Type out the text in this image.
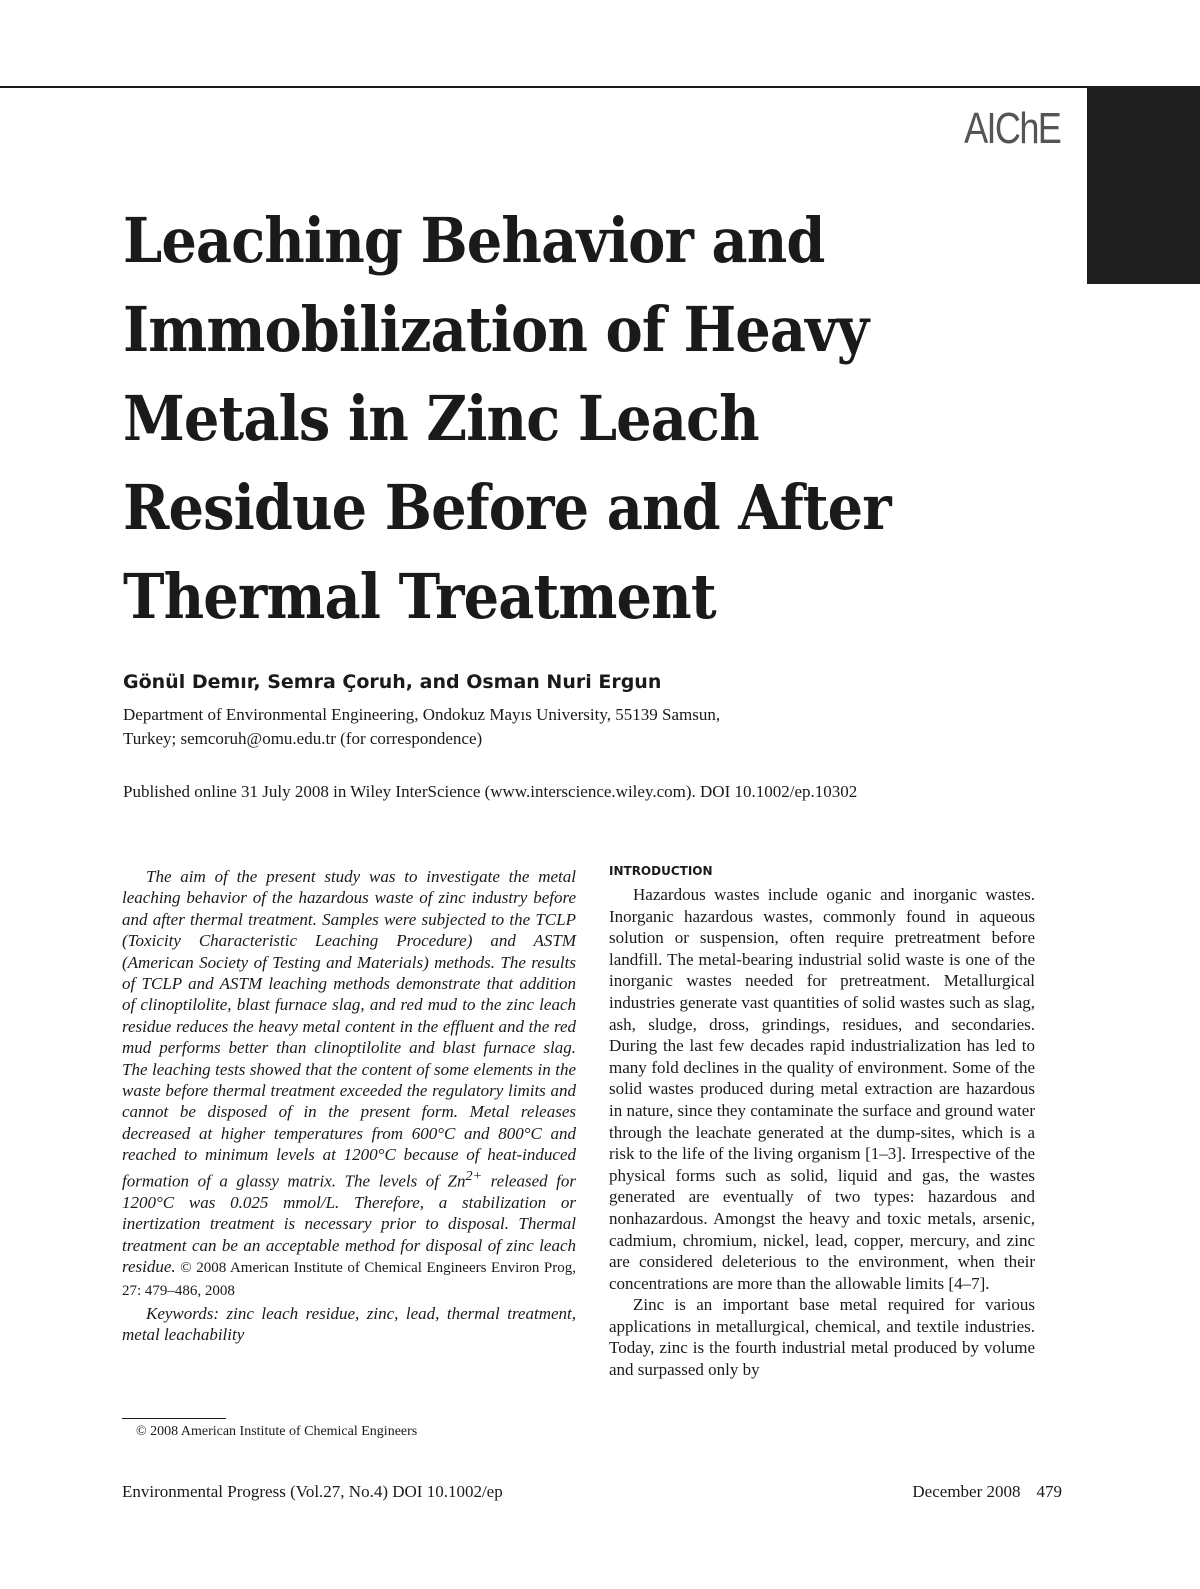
AIChE
Leaching Behavior and
Immobilization of Heavy
Metals in Zinc Leach
Residue Before and After
Thermal Treatment
Gönül Demır, Semra Çoruh, and Osman Nuri Ergun
Department of Environmental Engineering, Ondokuz Mayıs University, 55139 Samsun,
Turkey; semcoruh@omu.edu.tr (for correspondence)
Published online 31 July 2008 in Wiley InterScience (www.interscience.wiley.com). DOI 10.1002/ep.10302

The aim of the present study was to investigate the metal leaching behavior of the hazardous waste of zinc industry before and after thermal treatment. Samples were subjected to the TCLP (Toxicity Characteristic Leaching Procedure) and ASTM (American Society of Testing and Materials) methods. The results of TCLP and ASTM leaching methods demonstrate that addition of clinoptilolite, blast furnace slag, and red mud to the zinc leach residue reduces the heavy metal content in the effluent and the red mud performs better than clinoptilolite and blast furnace slag. The leaching tests showed that the content of some elements in the waste before thermal treatment exceeded the regulatory limits and cannot be disposed of in the present form. Metal releases decreased at higher temperatures from 600°C and 800°C and reached to minimum levels at 1200°C because of heat-induced formation of a glassy matrix. The levels of $Zn^{2+}$ released for 1200°C was 0.025 mmol/L. Therefore, a stabilization or inertization treatment is necessary prior to disposal. Thermal treatment can be an acceptable method for disposal of zinc leach residue. © 2008 American Institute of Chemical Engineers Environ Prog, 27: 479–486, 2008

Keywords: zinc leach residue, zinc, lead, thermal treatment, metal leachability

© 2008 American Institute of Chemical Engineers
INTRODUCTION

Hazardous wastes include oganic and inorganic wastes. Inorganic hazardous wastes, commonly found in aqueous solution or suspension, often require pretreatment before landfill. The metal-bearing industrial solid waste is one of the inorganic wastes needed for pretreatment. Metallurgical industries generate vast quantities of solid wastes such as slag, ash, sludge, dross, grindings, residues, and secondaries. During the last few decades rapid industrialization has led to many fold declines in the quality of environment. Some of the solid wastes produced during metal extraction are hazardous in nature, since they contaminate the surface and ground water through the leachate generated at the dump-sites, which is a risk to the life of the living organism [1–3]. Irrespective of the physical forms such as solid, liquid and gas, the wastes generated are eventually of two types: hazardous and nonhazardous. Amongst the heavy and toxic metals, arsenic, cadmium, chromium, nickel, lead, copper, mercury, and zinc are considered deleterious to the environment, when their concentrations are more than the allowable limits [4–7].

Zinc is an important base metal required for various applications in metallurgical, chemical, and textile industries. Today, zinc is the fourth industrial metal produced by volume and surpassed only by

Environmental Progress (Vol.27, No.4) DOI 10.1002/ep	December 2008 479
